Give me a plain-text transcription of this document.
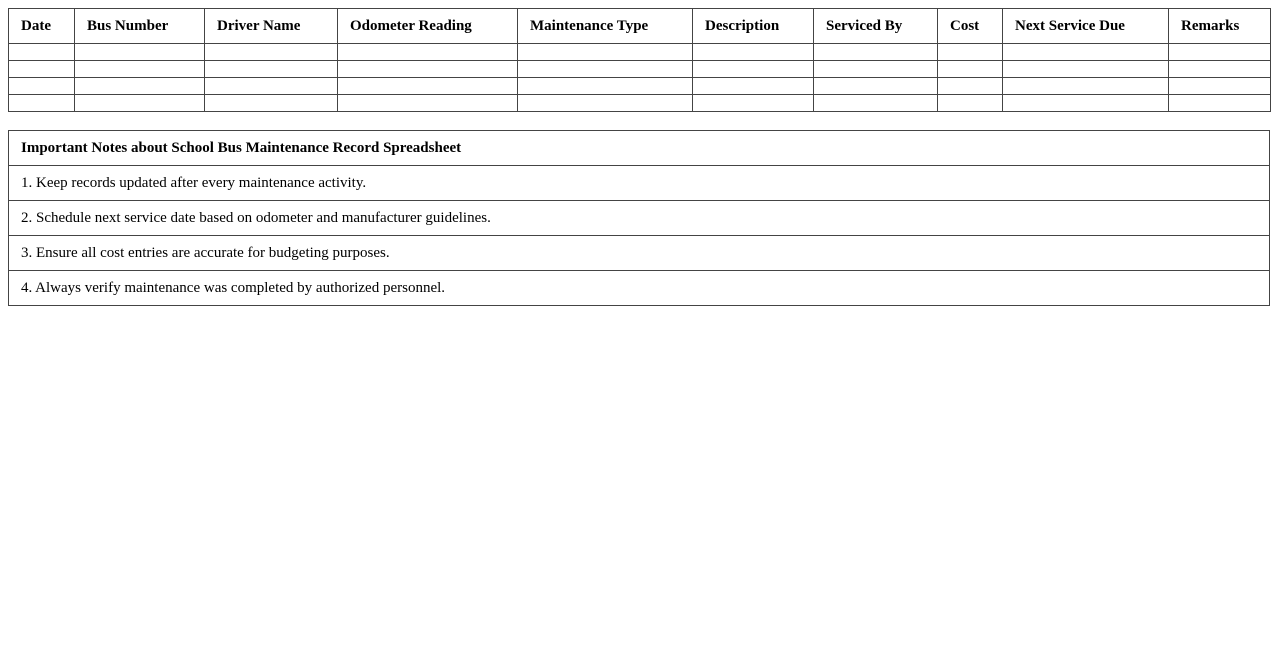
Date	Bus Number	Driver Name	Odometer Reading	Maintenance Type	Description	Serviced By	Cost	Next Service Due	Remarks

Important Notes about School Bus Maintenance Record Spreadsheet
1. Keep records updated after every maintenance activity.
2. Schedule next service date based on odometer and manufacturer guidelines.
3. Ensure all cost entries are accurate for budgeting purposes.
4. Always verify maintenance was completed by authorized personnel.
